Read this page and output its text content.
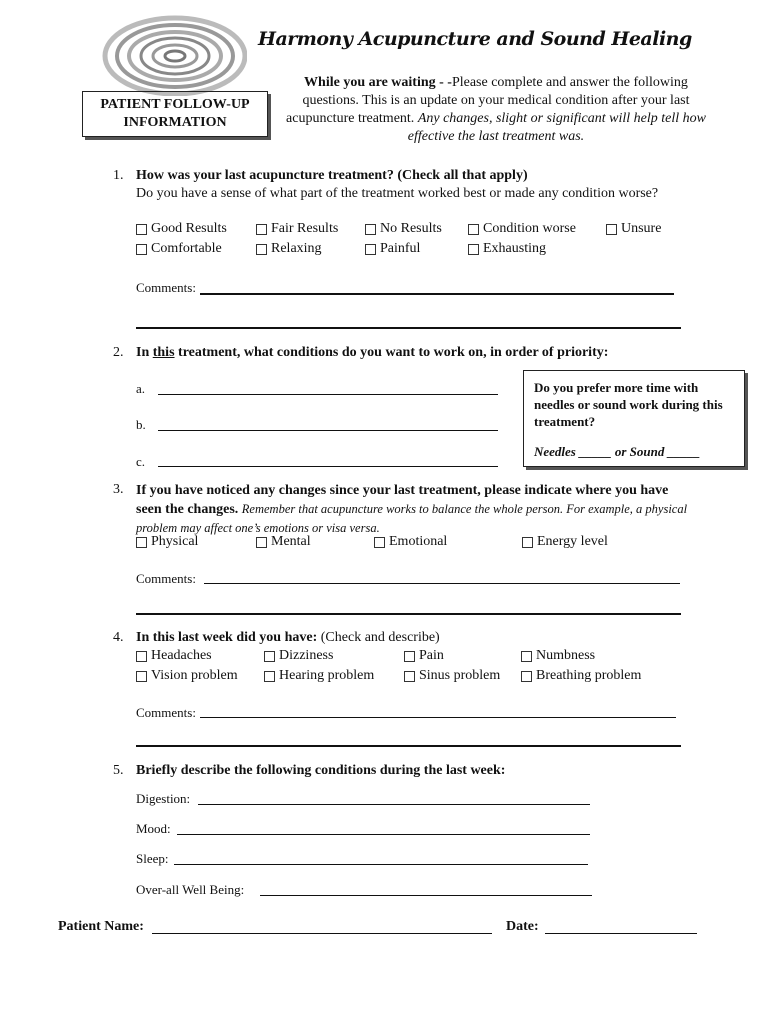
Harmony Acupuncture and Sound Healing
PATIENT FOLLOW-UP
INFORMATION
While you are waiting - -Please complete and answer the following questions. This is an update on your medical condition after your last acupuncture treatment. Any changes, slight or significant will help tell how effective the last treatment was.
1. How was your last acupuncture treatment? (Check all that apply)
Do you have a sense of what part of the treatment worked best or made any condition worse?
Good Results	Fair Results	No Results	Condition worse	Unsure
Comfortable	Relaxing	Painful	Exhausting
Comments:
2. In this treatment, what conditions do you want to work on, in order of priority:
a.
b.
c.
Do you prefer more time with needles or sound work during this treatment?
Needles _____ or Sound _____
3. If you have noticed any changes since your last treatment, please indicate where you have seen the changes. Remember that acupuncture works to balance the whole person. For example, a physical problem may affect one’s emotions or visa versa.
Physical	Mental	Emotional	Energy level
Comments:
4. In this last week did you have: (Check and describe)
Headaches	Dizziness	Pain	Numbness
Vision problem	Hearing problem	Sinus problem	Breathing problem
Comments:
5. Briefly describe the following conditions during the last week:
Digestion:
Mood:
Sleep:
Over-all Well Being:
Patient Name:	Date:
